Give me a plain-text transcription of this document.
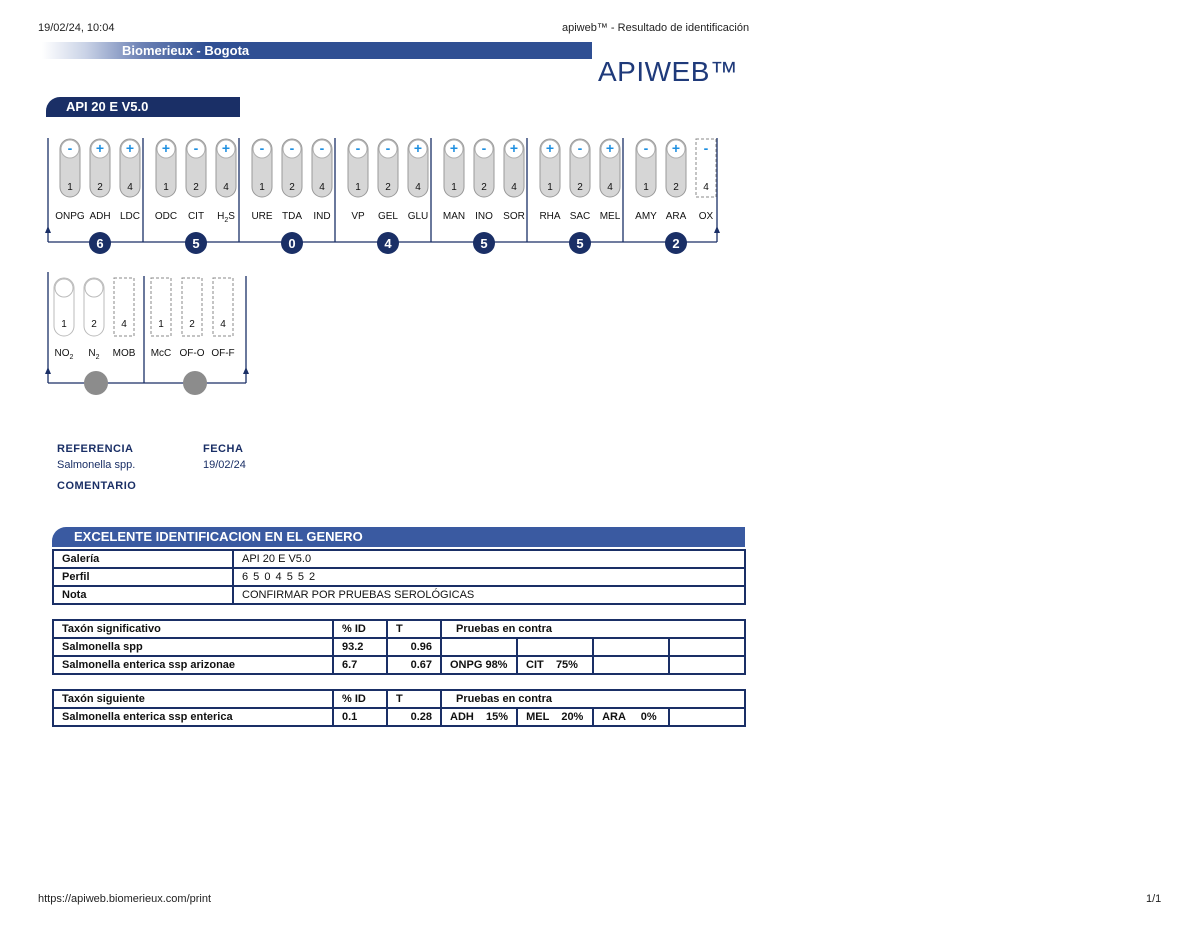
19/02/24, 10:04	apiweb™ - Resultado de identificación
Biomerieux - Bogota
APIWEB™
API 20 E V5.0
-
1
ONPG
+
2
ADH
+
4
LDC
6
+
1
ODC
-
2
CIT
+
4
$H_2S$
5
-
1
URE
-
2
TDA
-
4
IND
0
-
1
VP
-
2
GEL
+
4
GLU
4
+
1
MAN
-
2
INO
+
4
SOR
5
+
1
RHA
-
2
SAC
+
4
MEL
5
-
1
AMY
+
2
ARA
-
4
OX
2
1
$NO_2$
2
$N_2$
4
MOB
1
McC
2
OF-O
4
OF-F
REFERENCIA
Salmonella spp.
FECHA
19/02/24
COMENTARIO
EXCELENTE IDENTIFICACION EN EL GENERO
Galería	API 20 E V5.0
Perfil	6 5 0 4 5 5 2
Nota	CONFIRMAR POR PRUEBAS SEROLÓGICAS
Taxón significativo	% ID	T	Pruebas en contra			
Salmonella spp	93.2	0.96				
Salmonella enterica ssp arizonae	6.7	0.67	ONPG 98%	CIT    75%		
Taxón siguiente	% ID	T	Pruebas en contra			
Salmonella enterica ssp enterica	0.1	0.28	ADH    15%	MEL    20%	ARA     0%	
https://apiweb.biomerieux.com/print	1/1
